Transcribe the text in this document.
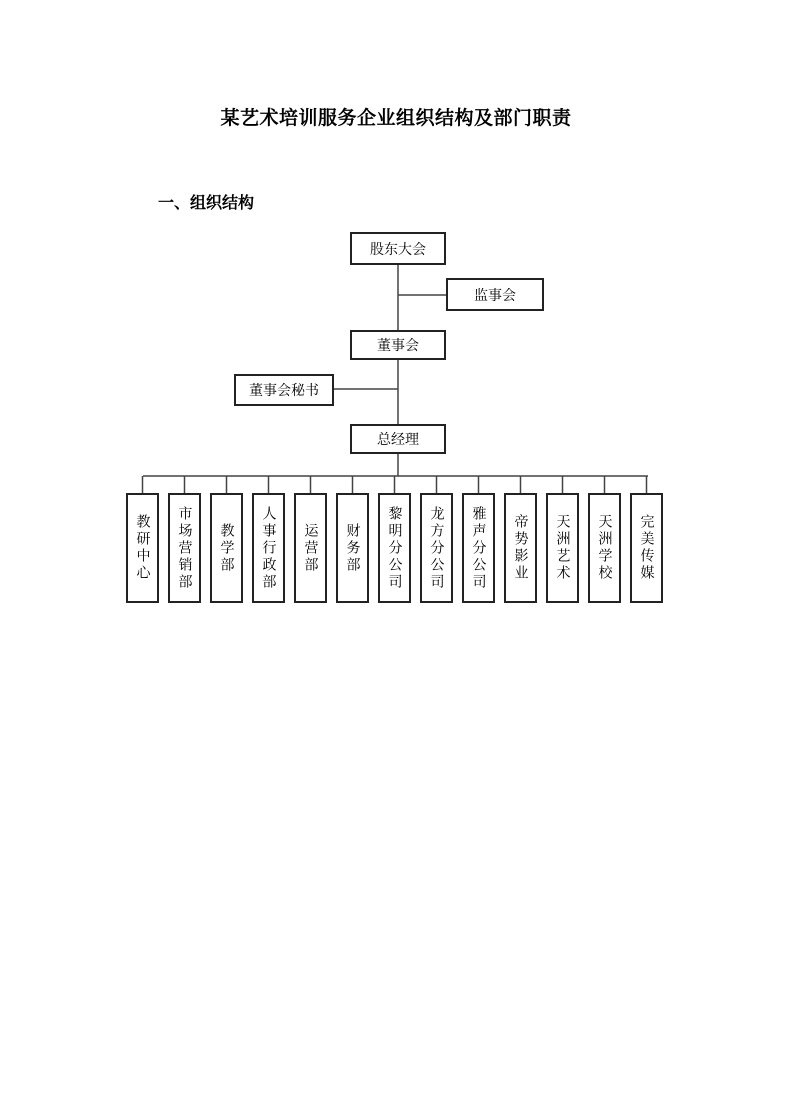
某艺术培训服务企业组织结构及部门职责
一、组织结构
股东大会
监事会
董事会
董事会秘书
总经理
教研中心	市场营销部	教学部	人事行政部	运营部	财务部	黎明分公司	龙方分公司	雅声分公司	帝势影业	天洲艺术	天洲学校	完美传媒
